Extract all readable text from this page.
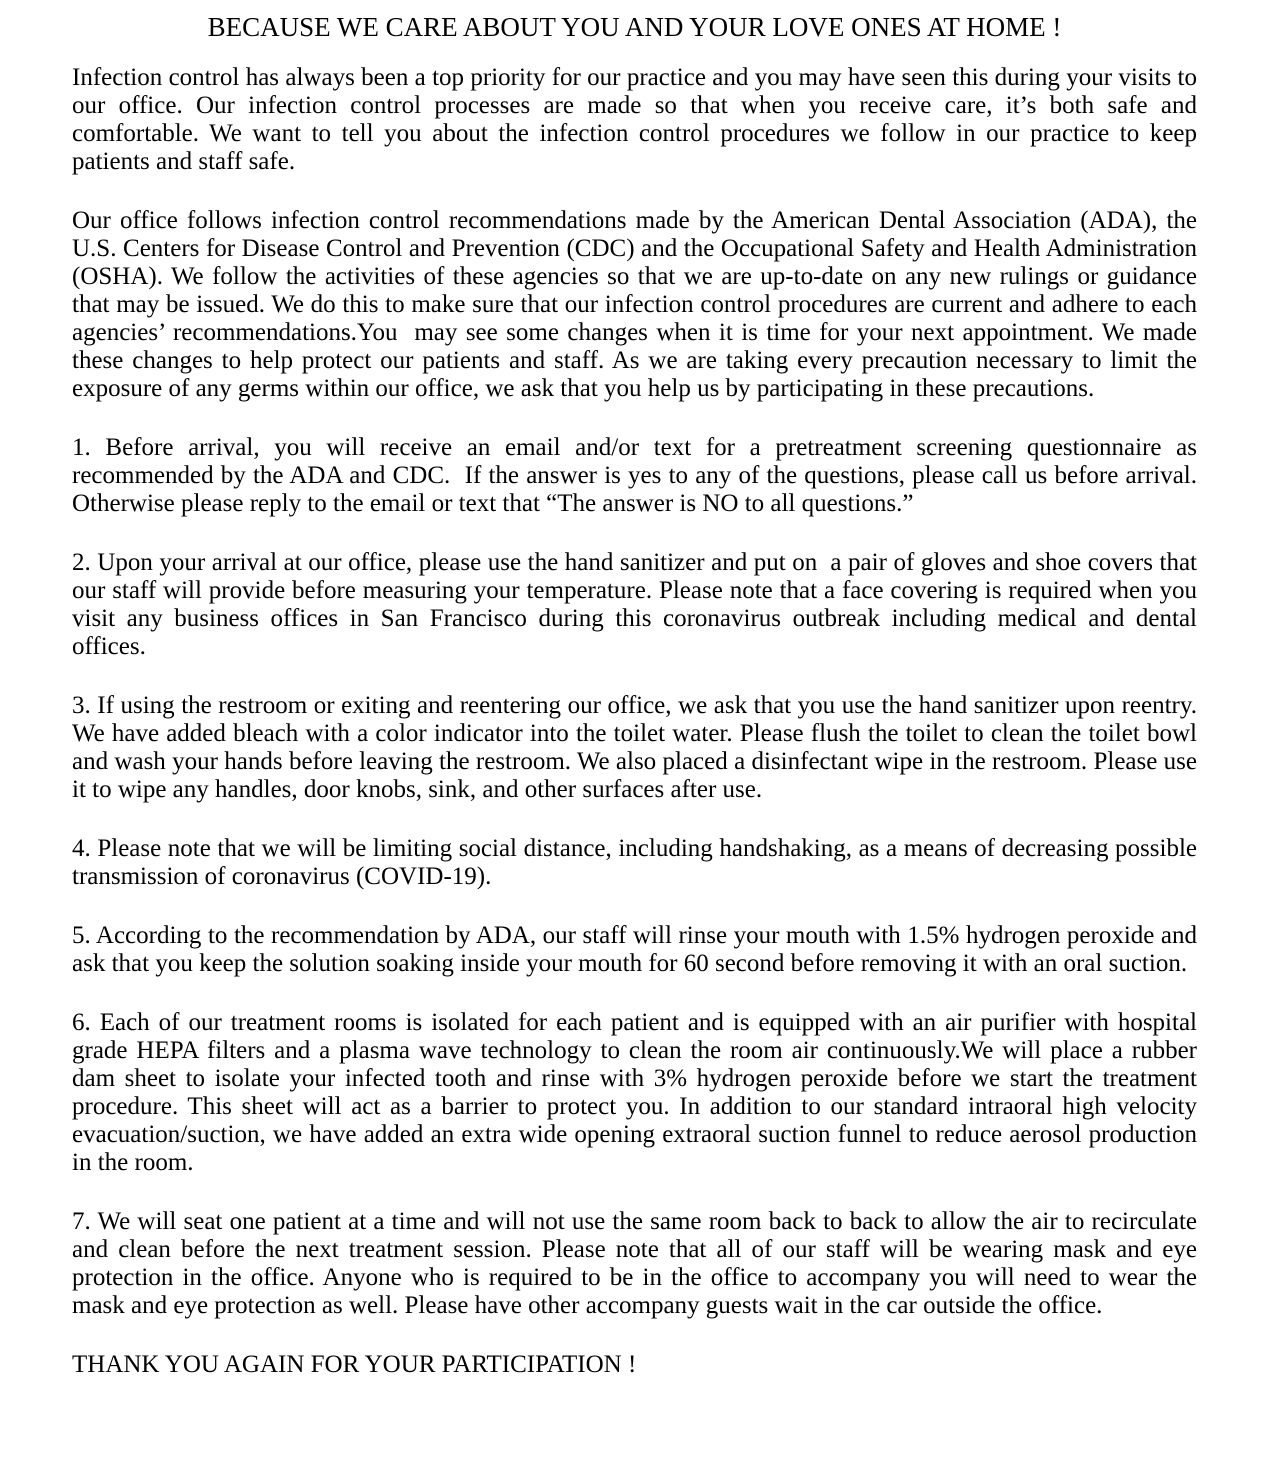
BECAUSE WE CARE ABOUT YOU AND YOUR LOVE ONES AT HOME !

Infection control has always been a top priority for our practice and you may have seen this during your visits to our office. Our infection control processes are made so that when you receive care, it’s both safe and comfortable. We want to tell you about the infection control procedures we follow in our practice to keep patients and staff safe.

Our office follows infection control recommendations made by the American Dental Association (ADA), the U.S. Centers for Disease Control and Prevention (CDC) and the Occupational Safety and Health Administration (OSHA). We follow the activities of these agencies so that we are up-to-date on any new rulings or guidance that may be issued. We do this to make sure that our infection control procedures are current and adhere to each agencies’ recommendations.You  may see some changes when it is time for your next appointment. We made these changes to help protect our patients and staff. As we are taking every precaution necessary to limit the exposure of any germs within our office, we ask that you help us by participating in these precautions.

1. Before arrival, you will receive an email and/or text for a pretreatment screening questionnaire as recommended by the ADA and CDC.  If the answer is yes to any of the questions, please call us before arrival. Otherwise please reply to the email or text that “The answer is NO to all questions.”

2. Upon your arrival at our office, please use the hand sanitizer and put on  a pair of gloves and shoe covers that our staff will provide before measuring your temperature. Please note that a face covering is required when you visit any business offices in San Francisco during this coronavirus outbreak including medical and dental offices.

3. If using the restroom or exiting and reentering our office, we ask that you use the hand sanitizer upon reentry. We have added bleach with a color indicator into the toilet water. Please flush the toilet to clean the toilet bowl and wash your hands before leaving the restroom. We also placed a disinfectant wipe in the restroom. Please use it to wipe any handles, door knobs, sink, and other surfaces after use.

4. Please note that we will be limiting social distance, including handshaking, as a means of decreasing possible transmission of coronavirus (COVID-19).

5. According to the recommendation by ADA, our staff will rinse your mouth with 1.5% hydrogen peroxide and ask that you keep the solution soaking inside your mouth for 60 second before removing it with an oral suction.

6. Each of our treatment rooms is isolated for each patient and is equipped with an air purifier with hospital grade HEPA filters and a plasma wave technology to clean the room air continuously.We will place a rubber dam sheet to isolate your infected tooth and rinse with 3% hydrogen peroxide before we start the treatment procedure. This sheet will act as a barrier to protect you. In addition to our standard intraoral high velocity evacuation/suction, we have added an extra wide opening extraoral suction funnel to reduce aerosol production in the room.

7. We will seat one patient at a time and will not use the same room back to back to allow the air to recirculate and clean before the next treatment session. Please note that all of our staff will be wearing mask and eye protection in the office. Anyone who is required to be in the office to accompany you will need to wear the mask and eye protection as well. Please have other accompany guests wait in the car outside the office.

THANK YOU AGAIN FOR YOUR PARTICIPATION !
